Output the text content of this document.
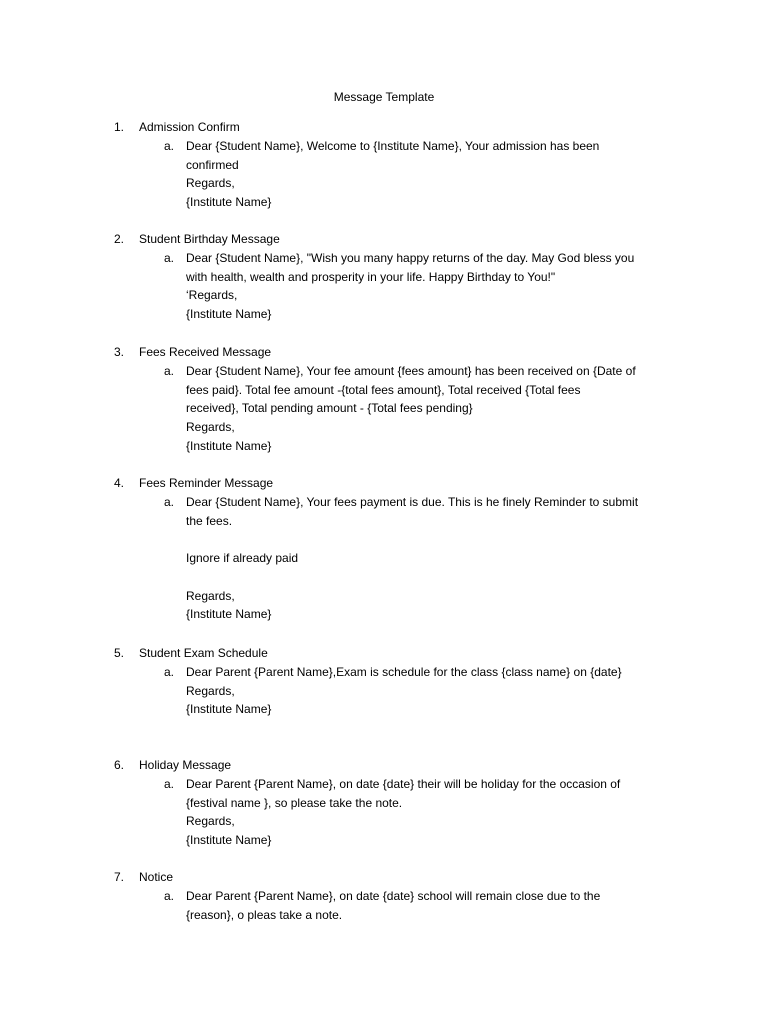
Message Template
1. Admission Confirm
a. Dear {Student Name}, Welcome to {Institute Name}, Your admission has been
confirmed
Regards,
{Institute Name}
2. Student Birthday Message
a. Dear {Student Name}, "Wish you many happy returns of the day. May God bless you
with health, wealth and prosperity in your life. Happy Birthday to You!"
‘Regards,
{Institute Name}
3. Fees Received Message
a. Dear {Student Name}, Your fee amount {fees amount} has been received on {Date of
fees paid}. Total fee amount -{total fees amount}, Total received {Total fees
received}, Total pending amount - {Total fees pending}
Regards,
{Institute Name}
4. Fees Reminder Message
a. Dear {Student Name}, Your fees payment is due. This is he finely Reminder to submit
the fees.
Ignore if already paid
Regards,
{Institute Name}
5. Student Exam Schedule
a. Dear Parent {Parent Name},Exam is schedule for the class {class name} on {date}
Regards,
{Institute Name}
6. Holiday Message
a. Dear Parent {Parent Name}, on date {date} their will be holiday for the occasion of
{festival name }, so please take the note.
Regards,
{Institute Name}
7. Notice
a. Dear Parent {Parent Name}, on date {date} school will remain close due to the
{reason}, o pleas take a note.
